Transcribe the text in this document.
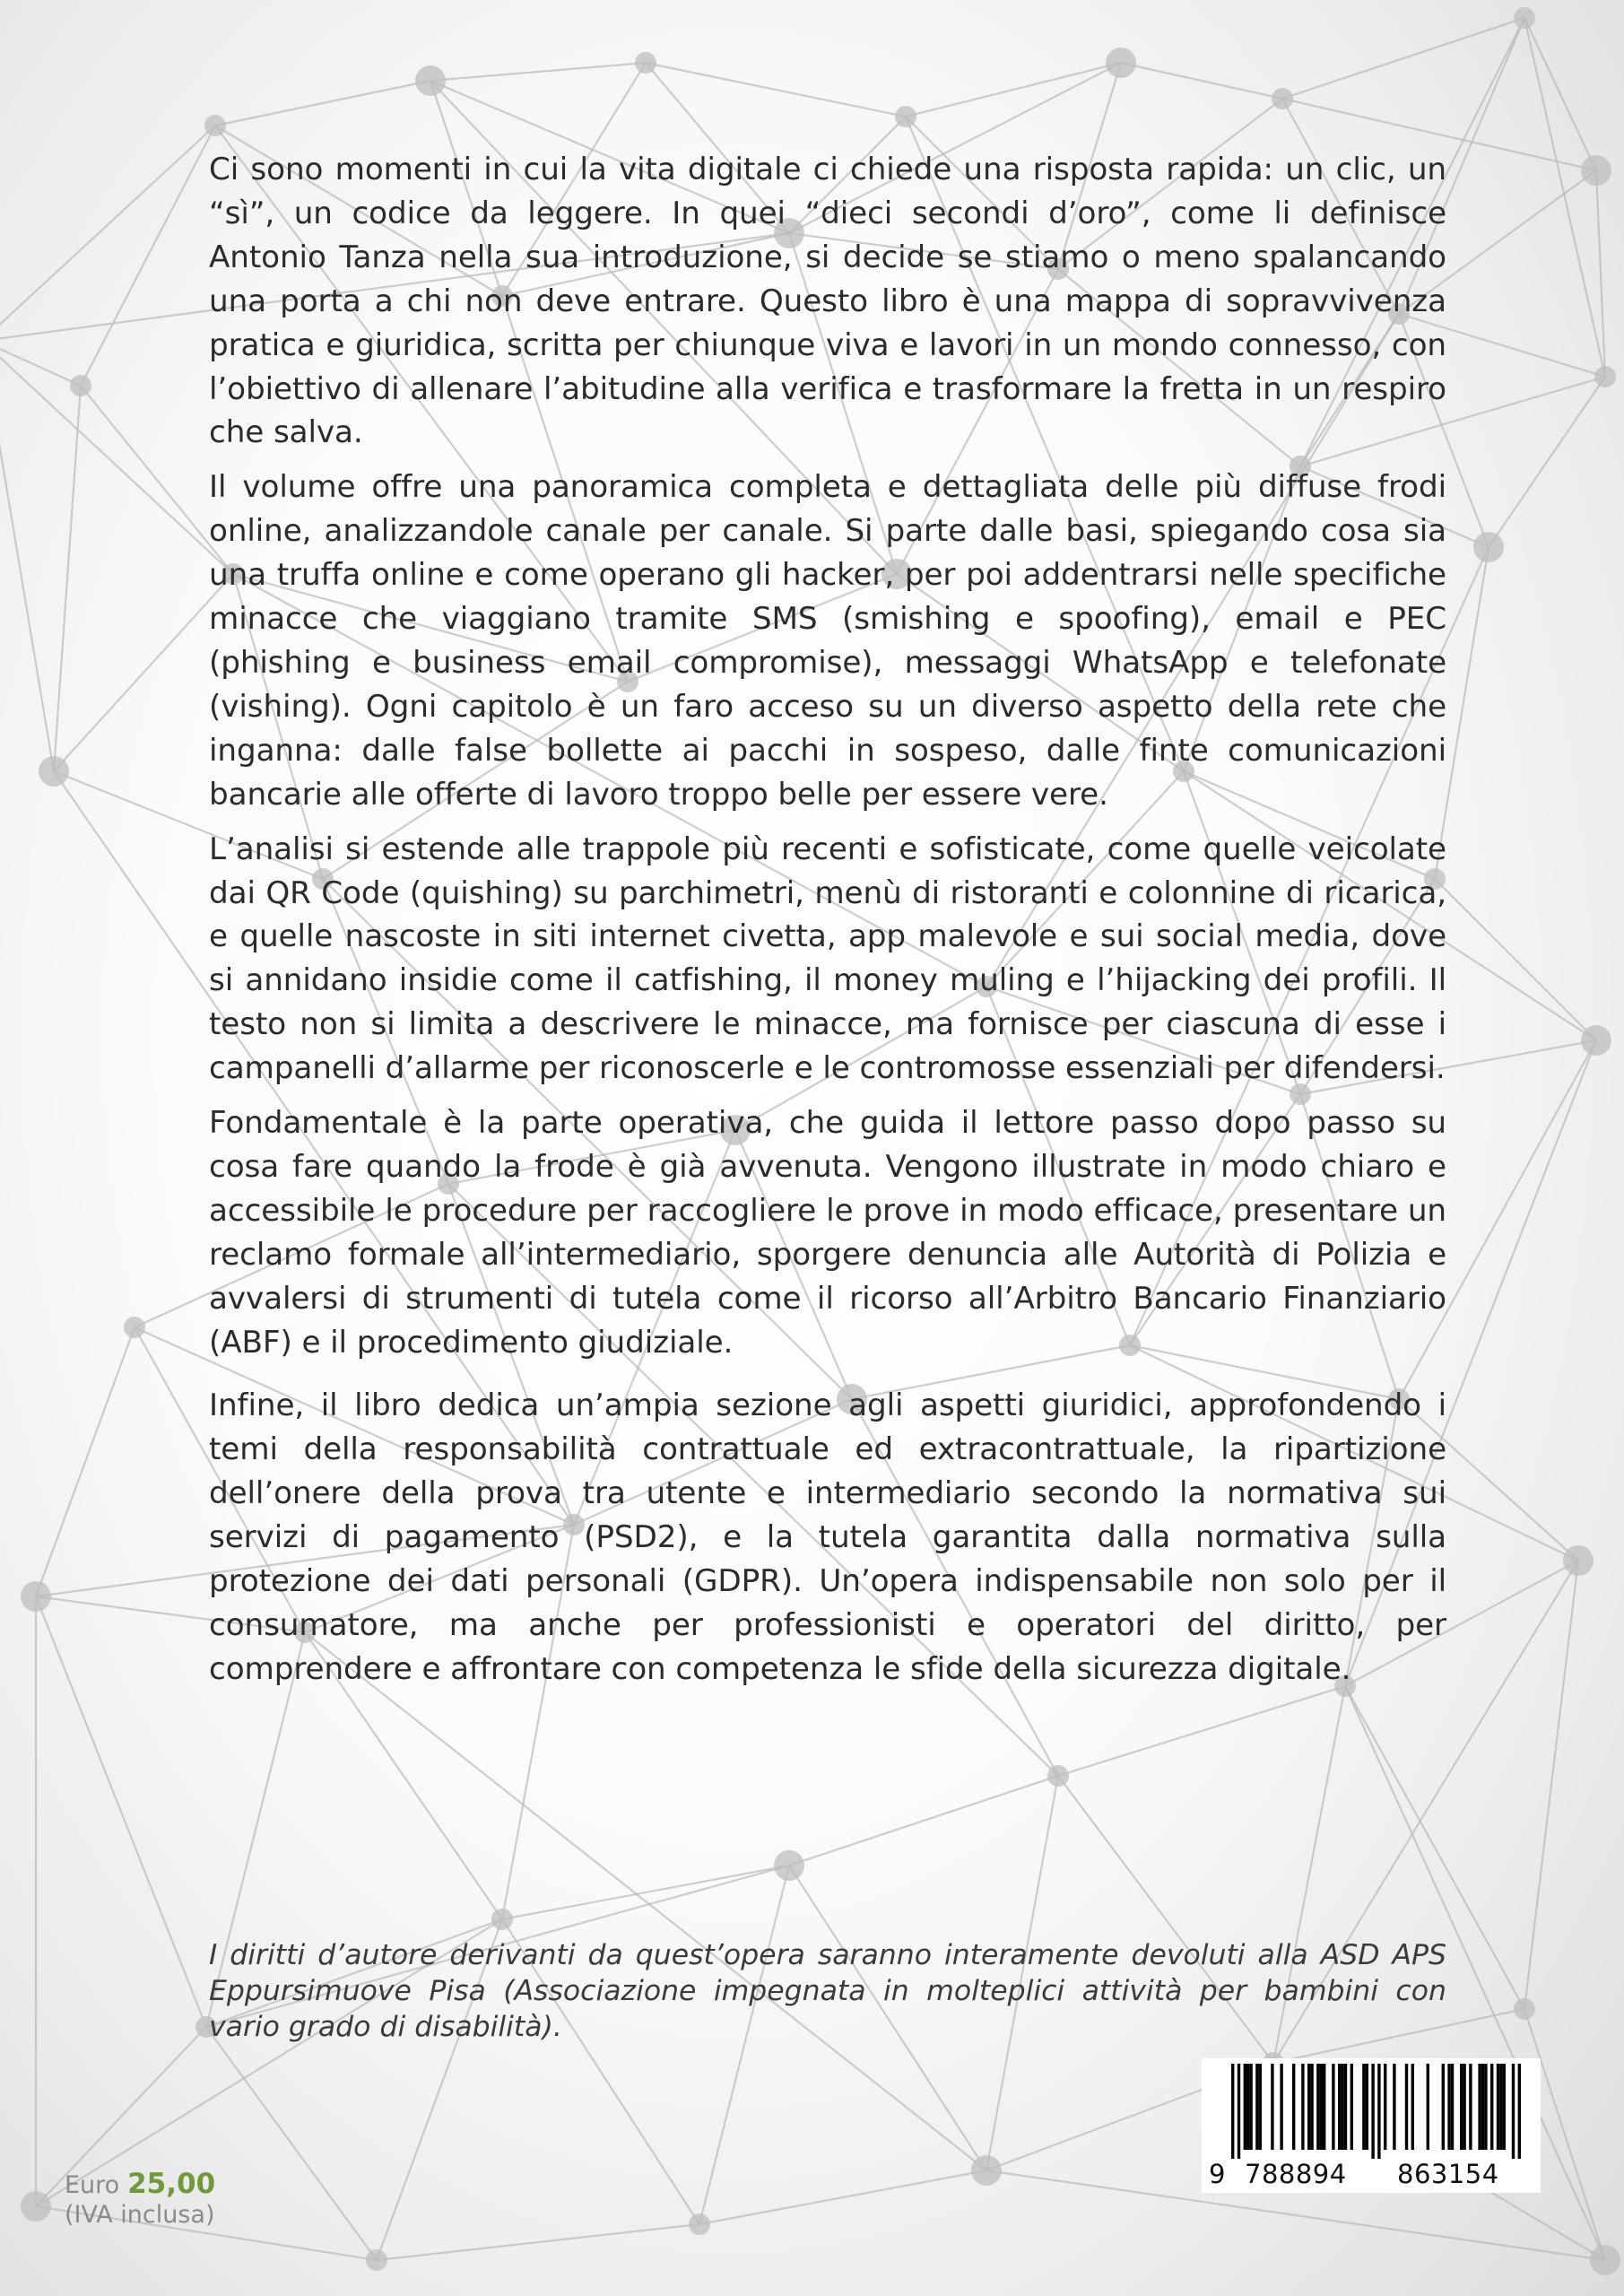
Ci sono momenti in cui la vita digitale ci chiede una risposta rapida: un clic, un “sì”, un codice da leggere. In quei “dieci secondi d’oro”, come li definisce Antonio Tanza nella sua introduzione, si decide se stiamo o meno spalancando una porta a chi non deve entrare. Questo libro è una mappa di sopravvivenza pratica e giuridica, scritta per chiunque viva e lavori in un mondo connesso, con l’obiettivo di allenare l’abitudine alla verifica e trasformare la fretta in un respiro che salva.

Il volume offre una panoramica completa e dettagliata delle più diffuse frodi online, analizzandole canale per canale. Si parte dalle basi, spiegando cosa sia una truffa online e come operano gli hacker, per poi addentrarsi nelle specifiche minacce che viaggiano tramite SMS (smishing e spoofing), email e PEC (phishing e business email compromise), messaggi WhatsApp e telefonate (vishing). Ogni capitolo è un faro acceso su un diverso aspetto della rete che inganna: dalle false bollette ai pacchi in sospeso, dalle finte comunicazioni bancarie alle offerte di lavoro troppo belle per essere vere.

L’analisi si estende alle trappole più recenti e sofisticate, come quelle veicolate dai QR Code (quishing) su parchimetri, menù di ristoranti e colonnine di ricarica, e quelle nascoste in siti internet civetta, app malevole e sui social media, dove si annidano insidie come il catfishing, il money muling e l’hijacking dei profili. Il testo non si limita a descrivere le minacce, ma fornisce per ciascuna di esse i campanelli d’allarme per riconoscerle e le contromosse essenziali per difendersi.

Fondamentale è la parte operativa, che guida il lettore passo dopo passo su cosa fare quando la frode è già avvenuta. Vengono illustrate in modo chiaro e accessibile le procedure per raccogliere le prove in modo efficace, presentare un reclamo formale all’intermediario, sporgere denuncia alle Autorità di Polizia e avvalersi di strumenti di tutela come il ricorso all’Arbitro Bancario Finanziario (ABF) e il procedimento giudiziale.

Infine, il libro dedica un’ampia sezione agli aspetti giuridici, approfondendo i temi della responsabilità contrattuale ed extracontrattuale, la ripartizione dell’onere della prova tra utente e intermediario secondo la normativa sui servizi di pagamento (PSD2), e la tutela garantita dalla normativa sulla protezione dei dati personali (GDPR). Un’opera indispensabile non solo per il consumatore, ma anche per professionisti e operatori del diritto, per comprendere e affrontare con competenza le sfide della sicurezza digitale.

I diritti d’autore derivanti da quest’opera saranno interamente devoluti alla ASD APS Eppursimuove Pisa (Associazione impegnata in molteplici attività per bambini con vario grado di disabilità).

9 788894 863154
Euro 25,00
(IVA inclusa)
